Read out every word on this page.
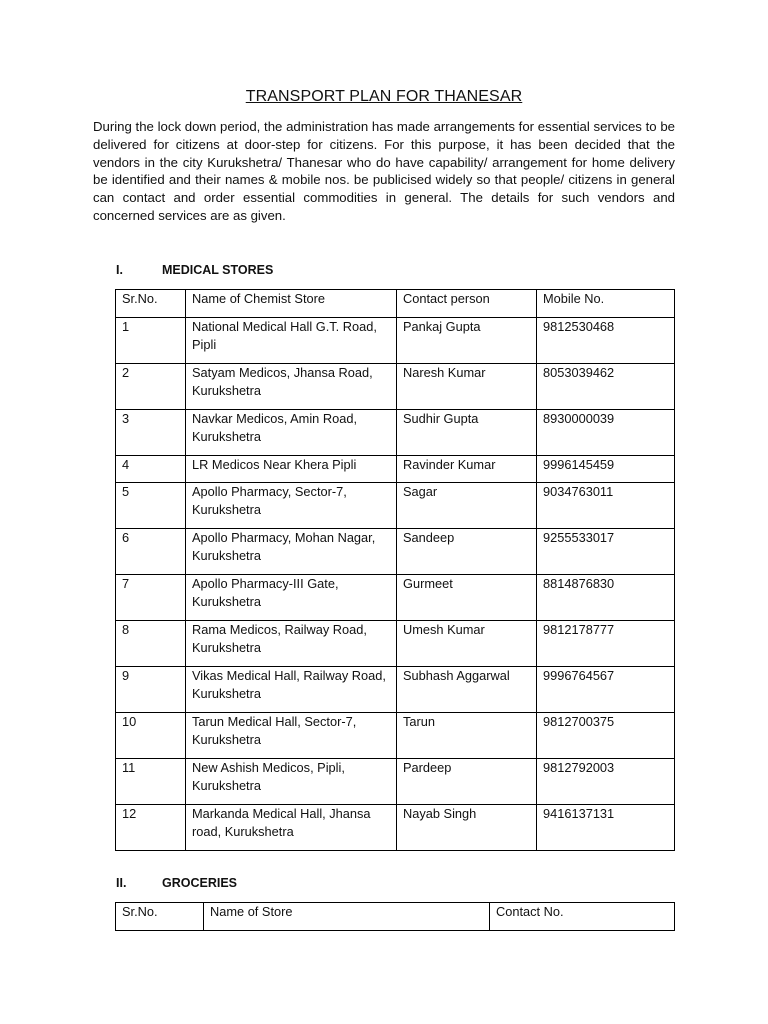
TRANSPORT PLAN FOR THANESAR
During the lock down period, the administration has made arrangements for essential services to be delivered for citizens at door-step for citizens. For this purpose, it has been decided that the vendors in the city Kurukshetra/ Thanesar who do have capability/ arrangement for home delivery be identified and their names & mobile nos. be publicised widely so that people/ citizens in general can contact and order essential commodities in general. The details for such vendors and concerned services are as given.
I.	MEDICAL STORES
Sr.No.	Name of Chemist Store	Contact person	Mobile No.
1	National Medical Hall G.T. Road, Pipli	Pankaj Gupta	9812530468
2	Satyam Medicos, Jhansa Road, Kurukshetra	Naresh Kumar	8053039462
3	Navkar Medicos, Amin Road, Kurukshetra	Sudhir Gupta	8930000039
4	LR Medicos Near Khera Pipli	Ravinder Kumar	9996145459
5	Apollo Pharmacy, Sector-7, Kurukshetra	Sagar	9034763011
6	Apollo Pharmacy, Mohan Nagar, Kurukshetra	Sandeep	9255533017
7	Apollo Pharmacy-III Gate, Kurukshetra	Gurmeet	8814876830
8	Rama Medicos, Railway Road, Kurukshetra	Umesh Kumar	9812178777
9	Vikas Medical Hall, Railway Road, Kurukshetra	Subhash Aggarwal	9996764567
10	Tarun Medical Hall, Sector-7, Kurukshetra	Tarun	9812700375
11	New Ashish Medicos, Pipli, Kurukshetra	Pardeep	9812792003
12	Markanda Medical Hall, Jhansa road, Kurukshetra	Nayab Singh	9416137131
II.	GROCERIES
Sr.No.	Name of Store	Contact No.
